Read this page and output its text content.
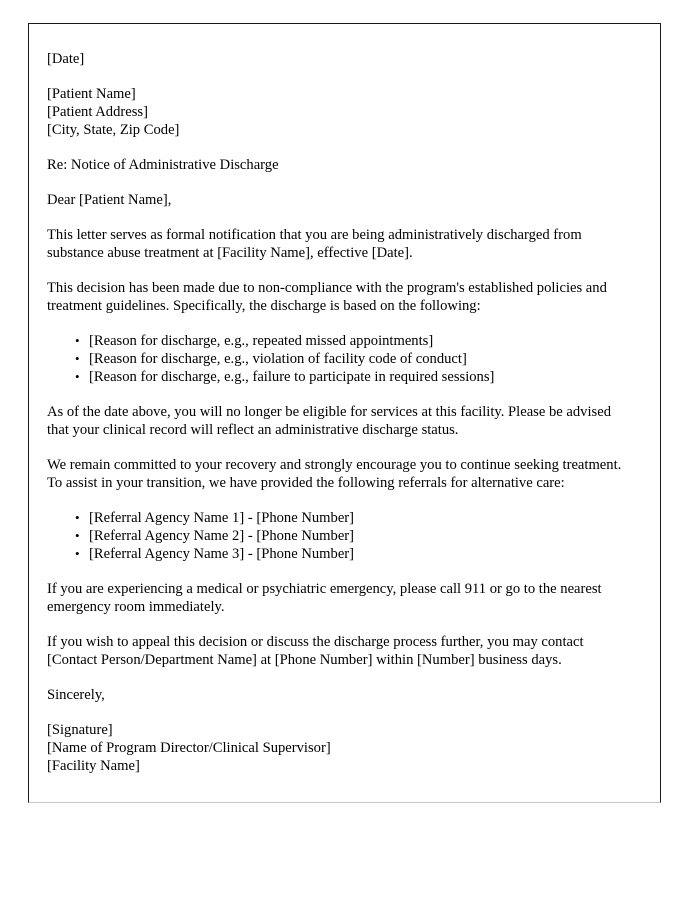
[Date]
[Patient Name]
[Patient Address]
[City, State, Zip Code]

Re: Notice of Administrative Discharge

Dear [Patient Name],

This letter serves as formal notification that you are being administratively discharged from substance abuse treatment at [Facility Name], effective [Date].

This decision has been made due to non-compliance with the program's established policies and treatment guidelines. Specifically, the discharge is based on the following:

• [Reason for discharge, e.g., repeated missed appointments]
• [Reason for discharge, e.g., violation of facility code of conduct]
• [Reason for discharge, e.g., failure to participate in required sessions]

As of the date above, you will no longer be eligible for services at this facility. Please be advised that your clinical record will reflect an administrative discharge status.

We remain committed to your recovery and strongly encourage you to continue seeking treatment. To assist in your transition, we have provided the following referrals for alternative care:

• [Referral Agency Name 1] - [Phone Number]
• [Referral Agency Name 2] - [Phone Number]
• [Referral Agency Name 3] - [Phone Number]

If you are experiencing a medical or psychiatric emergency, please call 911 or go to the nearest emergency room immediately.

If you wish to appeal this decision or discuss the discharge process further, you may contact [Contact Person/Department Name] at [Phone Number] within [Number] business days.

Sincerely,

[Signature]
[Name of Program Director/Clinical Supervisor]
[Facility Name]
